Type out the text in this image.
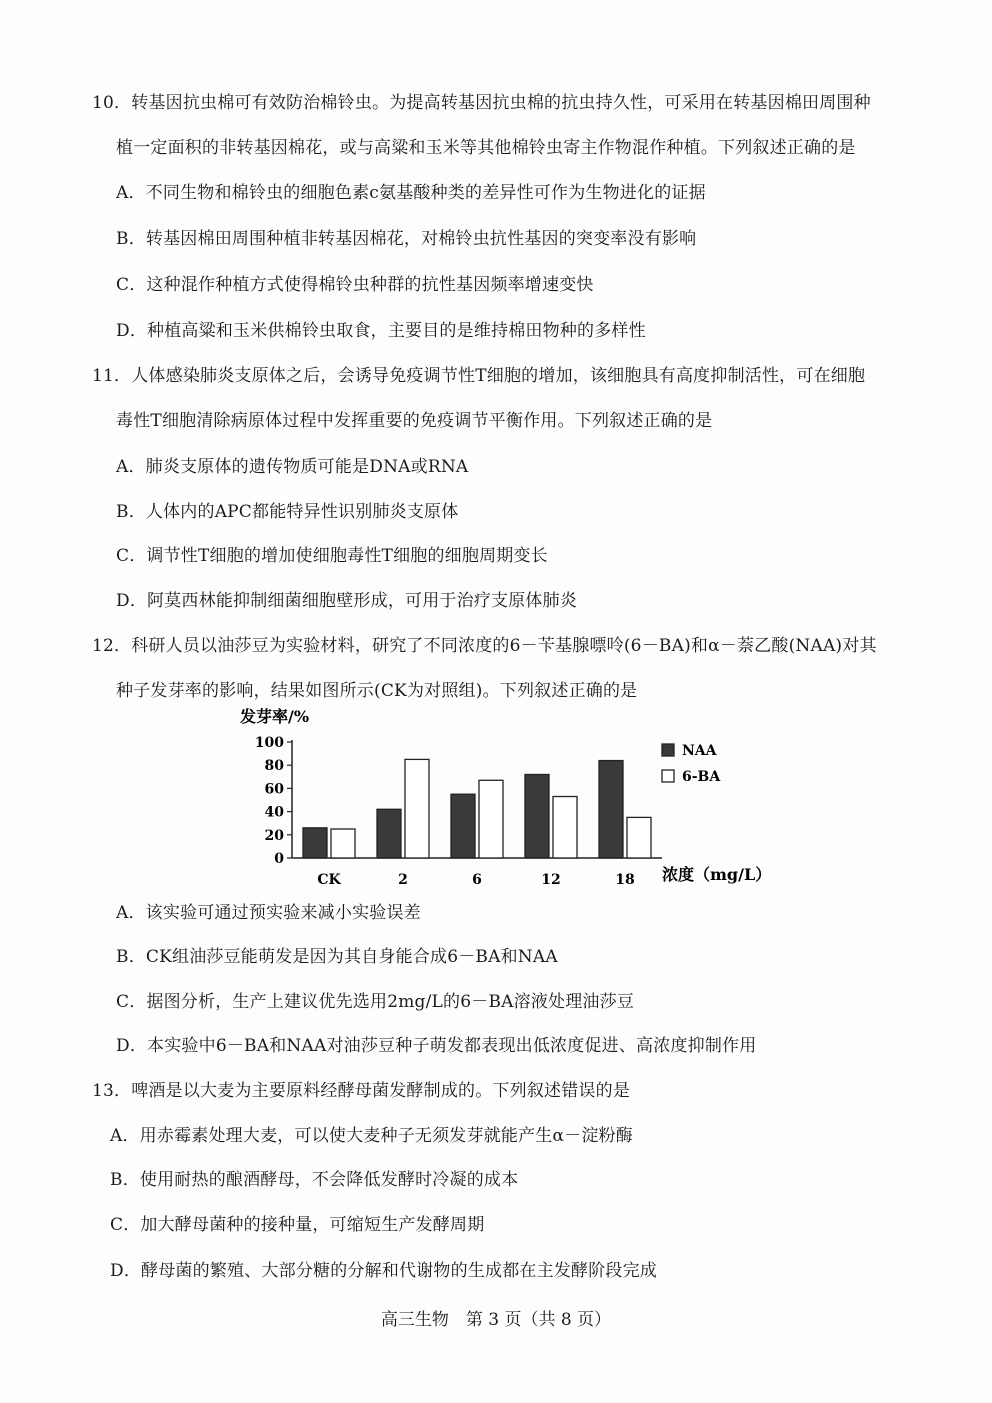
10．转基因抗虫棉可有效防治棉铃虫。为提高转基因抗虫棉的抗虫持久性，可采用在转基因棉田周围种
植一定面积的非转基因棉花，或与高粱和玉米等其他棉铃虫寄主作物混作种植。下列叙述正确的是
A．不同生物和棉铃虫的细胞色素c氨基酸种类的差异性可作为生物进化的证据
B．转基因棉田周围种植非转基因棉花，对棉铃虫抗性基因的突变率没有影响
C．这种混作种植方式使得棉铃虫种群的抗性基因频率增速变快
D．种植高粱和玉米供棉铃虫取食，主要目的是维持棉田物种的多样性
11．人体感染肺炎支原体之后，会诱导免疫调节性T细胞的增加，该细胞具有高度抑制活性，可在细胞
毒性T细胞清除病原体过程中发挥重要的免疫调节平衡作用。下列叙述正确的是
A．肺炎支原体的遗传物质可能是DNA或RNA
B．人体内的APC都能特异性识别肺炎支原体
C．调节性T细胞的增加使细胞毒性T细胞的细胞周期变长
D．阿莫西林能抑制细菌细胞壁形成，可用于治疗支原体肺炎
12．科研人员以油莎豆为实验材料，研究了不同浓度的6－苄基腺嘌呤(6－BA)和α－萘乙酸(NAA)对其
种子发芽率的影响，结果如图所示(CK为对照组)。下列叙述正确的是
发芽率/%
0
20
40
60
80
100
CK	2	6	12	18 浓度（mg/L）
NAA
6-BA
A．该实验可通过预实验来减小实验误差
B．CK组油莎豆能萌发是因为其自身能合成6－BA和NAA
C．据图分析，生产上建议优先选用2mg/L的6－BA溶液处理油莎豆
D．本实验中6－BA和NAA对油莎豆种子萌发都表现出低浓度促进、高浓度抑制作用
13．啤酒是以大麦为主要原料经酵母菌发酵制成的。下列叙述错误的是
A．用赤霉素处理大麦，可以使大麦种子无须发芽就能产生α－淀粉酶
B．使用耐热的酿酒酵母，不会降低发酵时冷凝的成本
C．加大酵母菌种的接种量，可缩短生产发酵周期
D．酵母菌的繁殖、大部分糖的分解和代谢物的生成都在主发酵阶段完成
高三生物　第 3 页（共 8 页）
